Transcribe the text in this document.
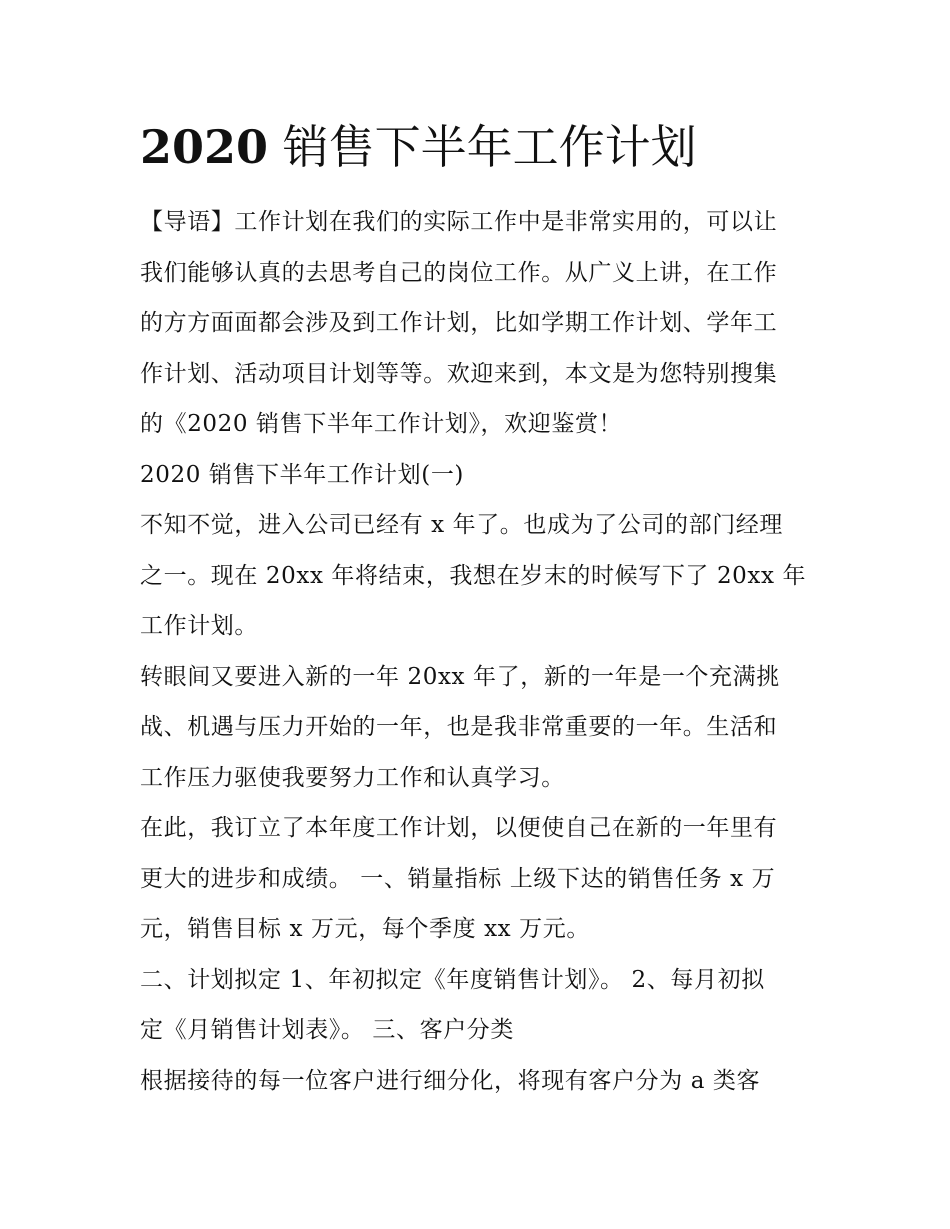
2020 销售下半年工作计划
【导语】工作计划在我们的实际工作中是非常实用的，可以让
我们能够认真的去思考自己的岗位工作。从广义上讲，在工作
的方方面面都会涉及到工作计划，比如学期工作计划、学年工
作计划、活动项目计划等等。欢迎来到，本文是为您特别搜集
的《2020 销售下半年工作计划》，欢迎鉴赏！
2020 销售下半年工作计划(一)
不知不觉，进入公司已经有 x 年了。也成为了公司的部门经理
之一。现在 20xx 年将结束，我想在岁末的时候写下了 20xx 年
工作计划。
转眼间又要进入新的一年 20xx 年了，新的一年是一个充满挑
战、机遇与压力开始的一年，也是我非常重要的一年。生活和
工作压力驱使我要努力工作和认真学习。
在此，我订立了本年度工作计划，以便使自己在新的一年里有
更大的进步和成绩。 一、销量指标 上级下达的销售任务 x 万
元，销售目标 x 万元，每个季度 xx 万元。
二、计划拟定 1、年初拟定《年度销售计划》。 2、每月初拟
定《月销售计划表》。 三、客户分类
根据接待的每一位客户进行细分化，将现有客户分为 a 类客
